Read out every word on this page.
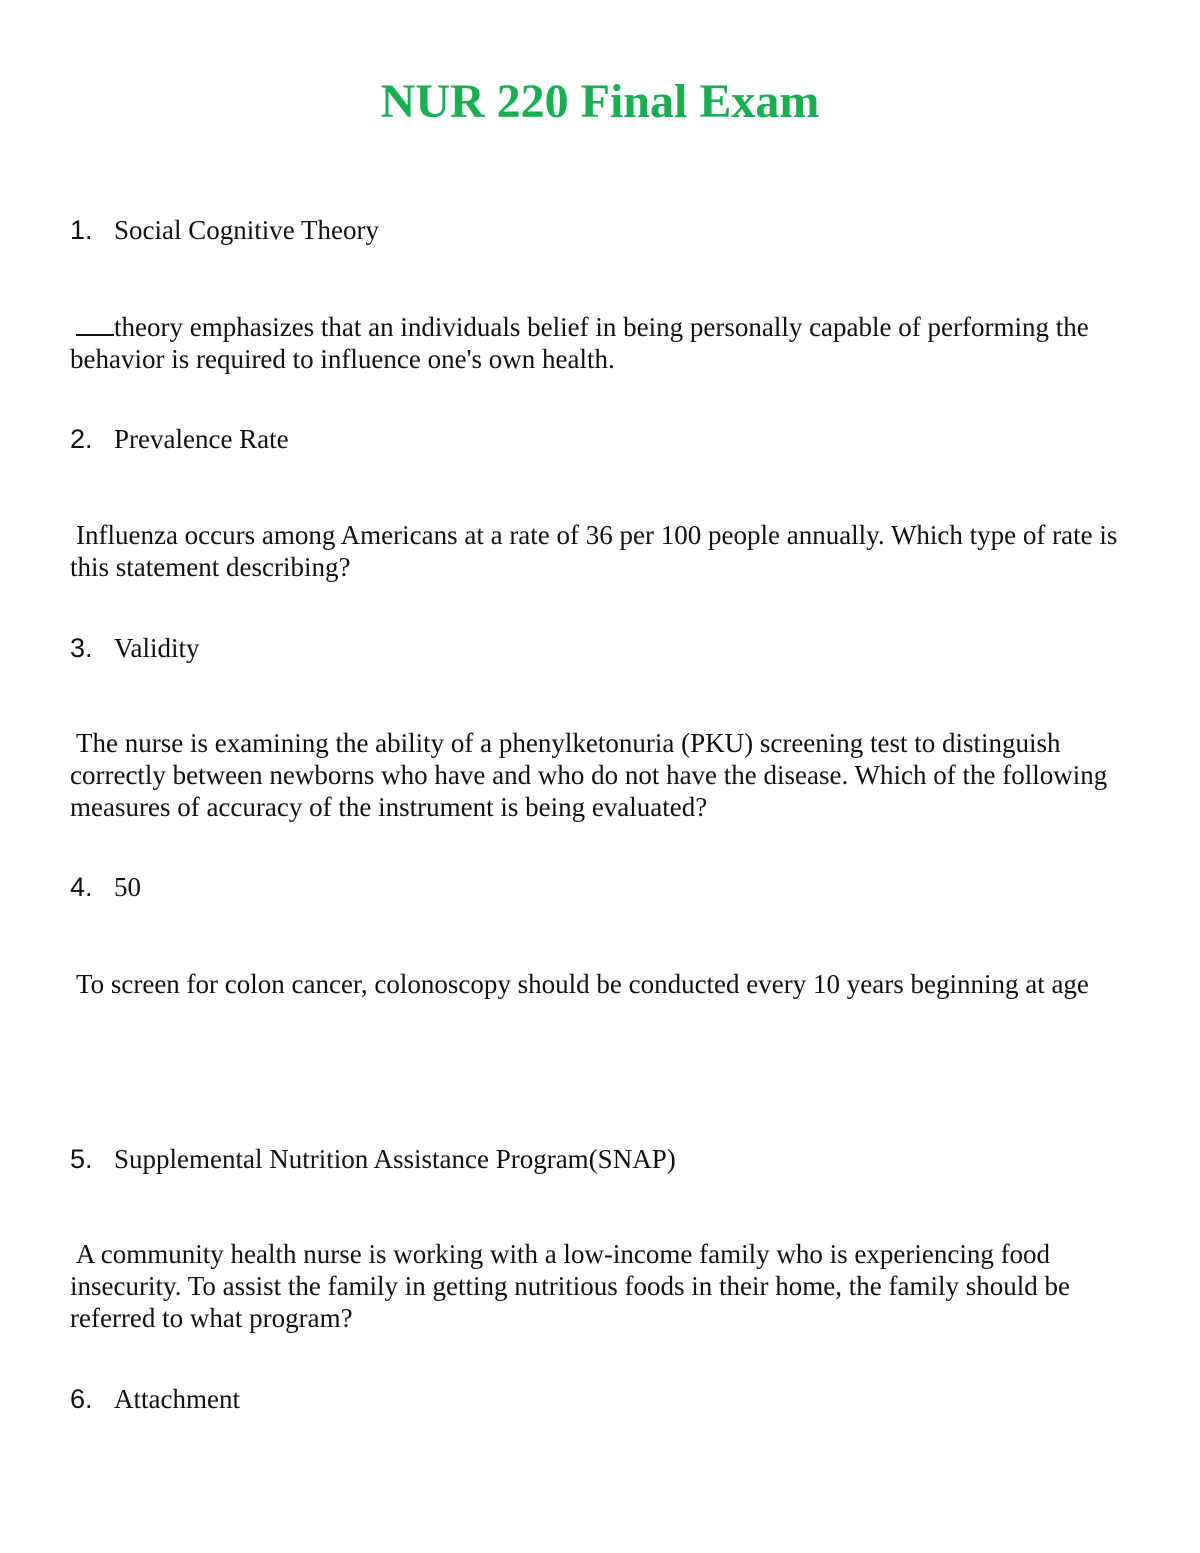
NUR 220 Final Exam
1. Social Cognitive Theory

theory emphasizes that an individuals belief in being personally capable of performing the behavior is required to influence one's own health.

2. Prevalence Rate

Influenza occurs among Americans at a rate of 36 per 100 people annually. Which type of rate is this statement describing?

3. Validity

The nurse is examining the ability of a phenylketonuria (PKU) screening test to distinguish correctly between newborns who have and who do not have the disease. Which of the following measures of accuracy of the instrument is being evaluated?

4. 50

To screen for colon cancer, colonoscopy should be conducted every 10 years beginning at age

5. Supplemental Nutrition Assistance Program(SNAP)

A community health nurse is working with a low-income family who is experiencing food insecurity. To assist the family in getting nutritious foods in their home, the family should be referred to what program?

6. Attachment
